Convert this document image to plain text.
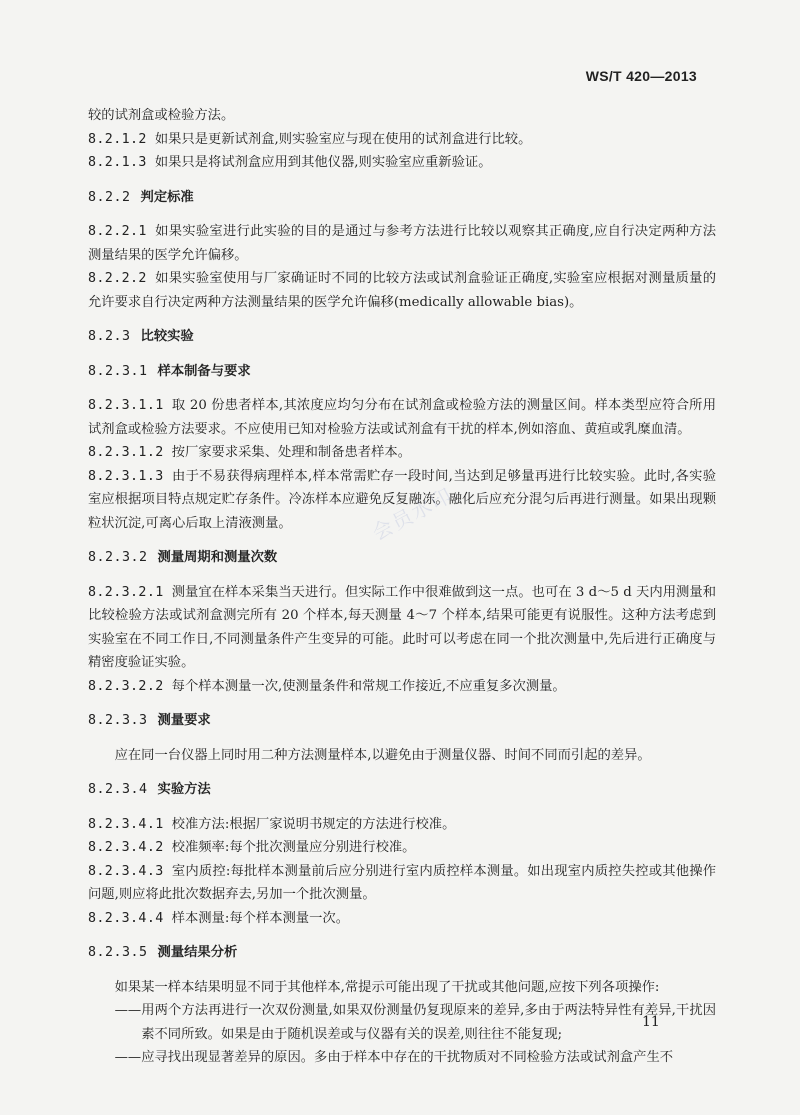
WS/T 420—2013

较的试剂盒或检验方法。

8.2.1.2 如果只是更新试剂盒,则实验室应与现在使用的试剂盒进行比较。

8.2.1.3 如果只是将试剂盒应用到其他仪器,则实验室应重新验证。

8.2.2 判定标准

8.2.2.1 如果实验室进行此实验的目的是通过与参考方法进行比较以观察其正确度,应自行决定两种方法测量结果的医学允许偏移。

8.2.2.2 如果实验室使用与厂家确证时不同的比较方法或试剂盒验证正确度,实验室应根据对测量质量的允许要求自行决定两种方法测量结果的医学允许偏移(medically allowable bias)。

8.2.3 比较实验

8.2.3.1 样本制备与要求

8.2.3.1.1 取 20 份患者样本,其浓度应均匀分布在试剂盒或检验方法的测量区间。样本类型应符合所用试剂盒或检验方法要求。不应使用已知对检验方法或试剂盒有干扰的样本,例如溶血、黄疸或乳糜血清。

8.2.3.1.2 按厂家要求采集、处理和制备患者样本。

8.2.3.1.3 由于不易获得病理样本,样本常需贮存一段时间,当达到足够量再进行比较实验。此时,各实验室应根据项目特点规定贮存条件。冷冻样本应避免反复融冻。融化后应充分混匀后再进行测量。如果出现颗粒状沉淀,可离心后取上清液测量。

8.2.3.2 测量周期和测量次数

8.2.3.2.1 测量宜在样本采集当天进行。但实际工作中很难做到这一点。也可在 3 d～5 d 天内用测量和比较检验方法或试剂盒测完所有 20 个样本,每天测量 4～7 个样本,结果可能更有说服性。这种方法考虑到实验室在不同工作日,不同测量条件产生变异的可能。此时可以考虑在同一个批次测量中,先后进行正确度与精密度验证实验。

8.2.3.2.2 每个样本测量一次,使测量条件和常规工作接近,不应重复多次测量。

8.2.3.3 测量要求

应在同一台仪器上同时用二种方法测量样本,以避免由于测量仪器、时间不同而引起的差异。

8.2.3.4 实验方法

8.2.3.4.1 校准方法:根据厂家说明书规定的方法进行校准。

8.2.3.4.2 校准频率:每个批次测量应分别进行校准。

8.2.3.4.3 室内质控:每批样本测量前后应分别进行室内质控样本测量。如出现室内质控失控或其他操作问题,则应将此批次数据弃去,另加一个批次测量。

8.2.3.4.4 样本测量:每个样本测量一次。

8.2.3.5 测量结果分析

如果某一样本结果明显不同于其他样本,常提示可能出现了干扰或其他问题,应按下列各项操作:

——用两个方法再进行一次双份测量,如果双份测量仍复现原来的差异,多由于两法特异性有差异,干扰因素不同所致。如果是由于随机误差或与仪器有关的误差,则往往不能复现;

——应寻找出现显著差异的原因。多由于样本中存在的干扰物质对不同检验方法或试剂盒产生不

会员水印
11
